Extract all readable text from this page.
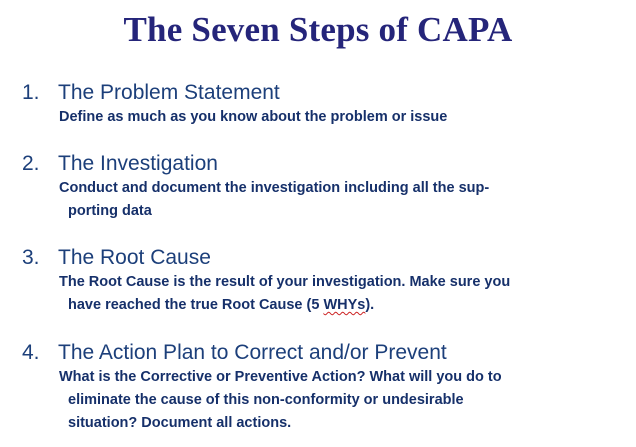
The Seven Steps of CAPA
1. The Problem Statement
Define as much as you know about the problem or issue
2. The Investigation
Conduct and document the investigation including all the sup-
porting data
3. The Root Cause
The Root Cause is the result of your investigation. Make sure you
have reached the true Root Cause (5 WHYs).
4. The Action Plan to Correct and/or Prevent
What is the Corrective or Preventive Action? What will you do to
eliminate the cause of this non-conformity or undesirable
situation? Document all actions.
